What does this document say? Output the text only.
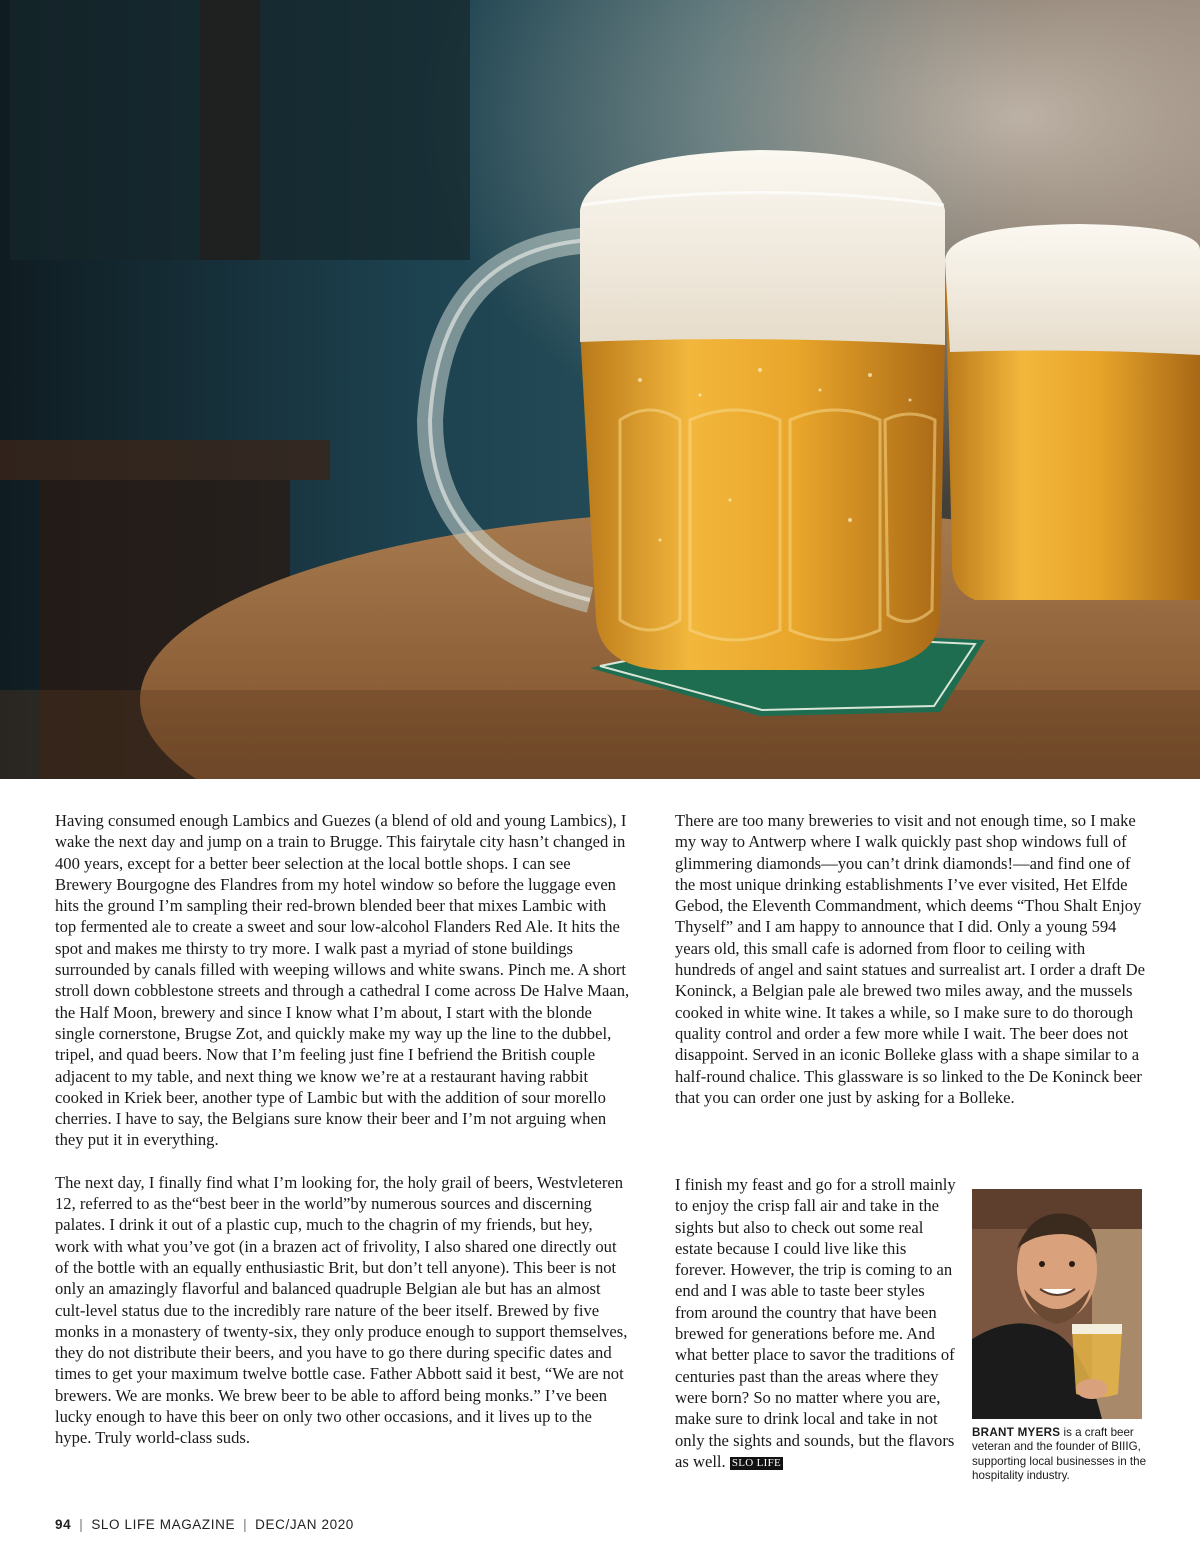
Having consumed enough Lambics and Guezes (a blend of old and young Lambics), I wake the next day and jump on a train to Brugge. This fairytale city hasn’t changed in 400 years, except for a better beer selection at the local bottle shops. I can see Brewery Bourgogne des Flandres from my hotel window so before the luggage even hits the ground I’m sampling their red-brown blended beer that mixes Lambic with top fermented ale to create a sweet and sour low-alcohol Flanders Red Ale. It hits the spot and makes me thirsty to try more. I walk past a myriad of stone buildings surrounded by canals filled with weeping willows and white swans. Pinch me. A short stroll down cobblestone streets and through a cathedral I come across De Halve Maan, the Half Moon, brewery and since I know what I’m about, I start with the blonde single cornerstone, Brugse Zot, and quickly make my way up the line to the dubbel, tripel, and quad beers. Now that I’m feeling just fine I befriend the British couple adjacent to my table, and next thing we know we’re at a restaurant having rabbit cooked in Kriek beer, another type of Lambic but with the addition of sour morello cherries. I have to say, the Belgians sure know their beer and I’m not arguing when they put it in everything.

The next day, I finally find what I’m looking for, the holy grail of beers, Westvleteren 12, referred to as the“best beer in the world”by numerous sources and discerning palates. I drink it out of a plastic cup, much to the chagrin of my friends, but hey, work with what you’ve got (in a brazen act of frivolity, I also shared one directly out of the bottle with an equally enthusiastic Brit, but don’t tell anyone). This beer is not only an amazingly flavorful and balanced quadruple Belgian ale but has an almost cult-level status due to the incredibly rare nature of the beer itself. Brewed by five monks in a monastery of twenty-six, they only produce enough to support themselves, they do not distribute their beers, and you have to go there during specific dates and times to get your maximum twelve bottle case. Father Abbott said it best, “We are not brewers. We are monks. We brew beer to be able to afford being monks.” I’ve been lucky enough to have this beer on only two other occasions, and it lives up to the hype. Truly world-class suds.

There are too many breweries to visit and not enough time, so I make my way to Antwerp where I walk quickly past shop windows full of glimmering diamonds—you can’t drink diamonds!—and find one of the most unique drinking establishments I’ve ever visited, Het Elfde Gebod, the Eleventh Commandment, which deems “Thou Shalt Enjoy Thyself” and I am happy to announce that I did. Only a young 594 years old, this small cafe is adorned from floor to ceiling with hundreds of angel and saint statues and surrealist art. I order a draft De Koninck, a Belgian pale ale brewed two miles away, and the mussels cooked in white wine. It takes a while, so I make sure to do thorough quality control and order a few more while I wait. The beer does not disappoint. Served in an iconic Bolleke glass with a shape similar to a half-round chalice. This glassware is so linked to the De Koninck beer that you can order one just by asking for a Bolleke.

I finish my feast and go for a stroll mainly to enjoy the crisp fall air and take in the sights but also to check out some real estate because I could live like this forever. However, the trip is coming to an end and I was able to taste beer styles from around the country that have been brewed for generations before me. And what better place to savor the traditions of centuries past than the areas where they were born? So no matter where you are, make sure to drink local and take in not only the sights and sounds, but the flavors as well. SLO LIFE

BRANT MYERS is a craft beer veteran and the founder of BIIIG, supporting local businesses in the hospitality industry.
94 | SLO LIFE MAGAZINE | DEC/JAN 2020
